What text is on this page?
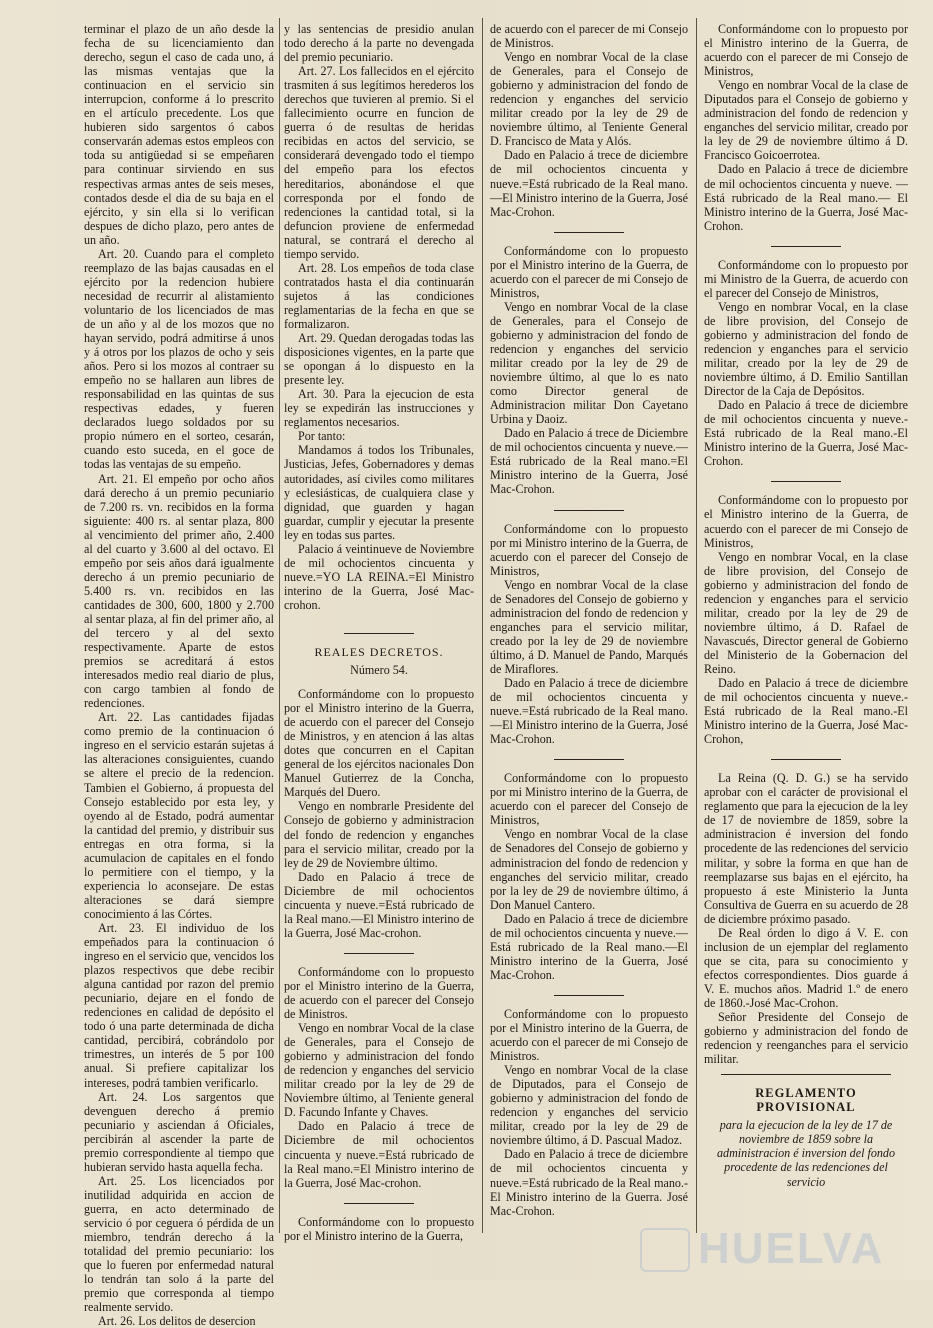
terminar el plazo de un año desde la fecha de su licenciamiento dan derecho, segun el caso de cada uno, á las mismas ventajas que la continuacion en el servicio sin interrupcion, conforme á lo prescrito en el artículo precedente. Los que hubieren sido sargentos ó cabos conservarán ademas estos empleos con toda su antigüedad si se empeñaren para continuar sirviendo en sus respectivas armas antes de seis meses, contados desde el dia de su baja en el ejército, y sin ella si lo verifican despues de dicho plazo, pero antes de un año.

Art. 20. Cuando para el completo reemplazo de las bajas causadas en el ejército por la redencion hubiere necesidad de recurrir al alistamiento voluntario de los licenciados de mas de un año y al de los mozos que no hayan servido, podrá admitirse á unos y á otros por los plazos de ocho y seis años. Pero si los mozos al contraer su empeño no se hallaren aun libres de responsabilidad en las quintas de sus respectivas edades, y fueren declarados luego soldados por su propio número en el sorteo, cesarán, cuando esto suceda, en el goce de todas las ventajas de su empeño.

Art. 21. El empeño por ocho años dará derecho á un premio pecuniario de 7.200 rs. vn. recibidos en la forma siguiente: 400 rs. al sentar plaza, 800 al vencimiento del primer año, 2.400 al del cuarto y 3.600 al del octavo. El empeño por seis años dará igualmente derecho á un premio pecuniario de 5.400 rs. vn. recibidos en las cantidades de 300, 600, 1800 y 2.700 al sentar plaza, al fin del primer año, al del tercero y al del sexto respectivamente. Aparte de estos premios se acreditará á estos interesados medio real diario de plus, con cargo tambien al fondo de redenciones.

Art. 22. Las cantidades fijadas como premio de la continuacion ó ingreso en el servicio estarán sujetas á las alteraciones consiguientes, cuando se altere el precio de la redencion. Tambien el Gobierno, á propuesta del Consejo establecido por esta ley, y oyendo al de Estado, podrá aumentar la cantidad del premio, y distribuir sus entregas en otra forma, si la acumulacion de capitales en el fondo lo permitiere con el tiempo, y la experiencia lo aconsejare. De estas alteraciones se dará siempre conocimiento á las Córtes.

Art. 23. El individuo de los empeñados para la continuacion ó ingreso en el servicio que, vencidos los plazos respectivos que debe recibir alguna cantidad por razon del premio pecuniario, dejare en el fondo de redenciones en calidad de depósito el todo ó una parte determinada de dicha cantidad, percibirá, cobrándolo por trimestres, un interés de 5 por 100 anual. Si prefiere capitalizar los intereses, podrá tambien verificarlo.

Art. 24. Los sargentos que devenguen derecho á premio pecuniario y asciendan á Oficiales, percibirán al ascender la parte de premio correspondiente al tiempo que hubieran servido hasta aquella fecha.

Art. 25. Los licenciados por inutilidad adquirida en accion de guerra, en acto determinado de servicio ó por ceguera ó pérdida de un miembro, tendrán derecho á la totalidad del premio pecuniario: los que lo fueren por enfermedad natural lo tendrán tan solo á la parte del premio que corresponda al tiempo realmente servido.

Art. 26. Los delitos de desercion

y las sentencias de presidio anulan todo derecho á la parte no devengada del premio pecuniario.

Art. 27. Los fallecidos en el ejército trasmiten á sus legítimos herederos los derechos que tuvieren al premio. Si el fallecimiento ocurre en funcion de guerra ó de resultas de heridas recibidas en actos del servicio, se considerará devengado todo el tiempo del empeño para los efectos hereditarios, abonándose el que corresponda por el fondo de redenciones la cantidad total, si la defuncion proviene de enfermedad natural, se contrará el derecho al tiempo servido.

Art. 28. Los empeños de toda clase contratados hasta el dia continuarán sujetos á las condiciones reglamentarias de la fecha en que se formalizaron.

Art. 29. Quedan derogadas todas las disposiciones vigentes, en la parte que se opongan á lo dispuesto en la presente ley.

Art. 30. Para la ejecucion de esta ley se expedirán las instrucciones y reglamentos necesarios.

Por tanto:

Mandamos á todos los Tribunales, Justicias, Jefes, Gobernadores y demas autoridades, así civiles como militares y eclesiásticas, de cualquiera clase y dignidad, que guarden y hagan guardar, cumplir y ejecutar la presente ley en todas sus partes.

Palacio á veintinueve de Noviembre de mil ochocientos cincuenta y nueve.=YO LA REINA.=El Ministro interino de la Guerra, José Mac-crohon.

REALES DECRETOS.
Número 54.

Conformándome con lo propuesto por el Ministro interino de la Guerra, de acuerdo con el parecer del Consejo de Ministros, y en atencion á las altas dotes que concurren en el Capitan general de los ejércitos nacionales Don Manuel Gutierrez de la Concha, Marqués del Duero.

Vengo en nombrarle Presidente del Consejo de gobierno y administracion del fondo de redencion y enganches para el servicio militar, creado por la ley de 29 de Noviembre último.

Dado en Palacio á trece de Diciembre de mil ochocientos cincuenta y nueve.=Está rubricado de la Real mano.—El Ministro interino de la Guerra, José Mac-crohon.

Conformándome con lo propuesto por el Ministro interino de la Guerra, de acuerdo con el parecer del Consejo de Ministros.

Vengo en nombrar Vocal de la clase de Generales, para el Consejo de gobierno y administracion del fondo de redencion y enganches del servicio militar creado por la ley de 29 de Noviembre último, al Teniente general D. Facundo Infante y Chaves.

Dado en Palacio á trece de Diciembre de mil ochocientos cincuenta y nueve.=Está rubricado de la Real mano.=El Ministro interino de la Guerra, José Mac-crohon.

Conformándome con lo propuesto por el Ministro interino de la Guerra,

de acuerdo con el parecer de mi Consejo de Ministros.

Vengo en nombrar Vocal de la clase de Generales, para el Consejo de gobierno y administracion del fondo de redencion y enganches del servicio militar creado por la ley de 29 de noviembre último, al Teniente General D. Francisco de Mata y Alós.

Dado en Palacio á trece de diciembre de mil ochocientos cincuenta y nueve.=Está rubricado de la Real mano.—El Ministro interino de la Guerra, José Mac-Crohon.

Conformándome con lo propuesto por el Ministro interino de la Guerra, de acuerdo con el parecer de mi Consejo de Ministros,

Vengo en nombrar Vocal de la clase de Generales, para el Consejo de gobierno y administracion del fondo de redencion y enganches del servicio militar creado por la ley de 29 de noviembre último, al que lo es nato como Director general de Administracion militar Don Cayetano Urbina y Daoiz.

Dado en Palacio á trece de Diciembre de mil ochocientos cincuenta y nueve.—Está rubricado de la Real mano.=El Ministro interino de la Guerra, José Mac-Crohon.

Conformándome con lo propuesto por mi Ministro interino de la Guerra, de acuerdo con el parecer del Consejo de Ministros,

Vengo en nombrar Vocal de la clase de Senadores del Consejo de gobierno y administracion del fondo de redencion y enganches para el servicio militar, creado por la ley de 29 de noviembre último, á D. Manuel de Pando, Marqués de Miraflores.

Dado en Palacio á trece de diciembre de mil ochocientos cincuenta y nueve.=Está rubricado de la Real mano.—El Ministro interino de la Guerra, José Mac-Crohon.

Conformándome con lo propuesto por mi Ministro interino de la Guerra, de acuerdo con el parecer del Consejo de Ministros,

Vengo en nombrar Vocal de la clase de Senadores del Consejo de gobierno y administracion del fondo de redencion y enganches del servicio militar, creado por la ley de 29 de noviembre último, á Don Manuel Cantero.

Dado en Palacio á trece de diciembre de mil ochocientos cincuenta y nueve.—Está rubricado de la Real mano.—El Ministro interino de la Guerra, José Mac-Crohon.

Conformándome con lo propuesto por el Ministro interino de la Guerra, de acuerdo con el parecer de mi Consejo de Ministros.

Vengo en nombrar Vocal de la clase de Diputados, para el Consejo de gobierno y administracion del fondo de redencion y enganches del servicio militar, creado por la ley de 29 de noviembre último, á D. Pascual Madoz.

Dado en Palacio á trece de diciembre de mil ochocientos cincuenta y nueve.=Está rubricado de la Real mano.-El Ministro interino de la Guerra. José Mac-Crohon.

Conformándome con lo propuesto por el Ministro interino de la Guerra, de acuerdo con el parecer de mi Consejo de Ministros,

Vengo en nombrar Vocal de la clase de Diputados para el Consejo de gobierno y administracion del fondo de redencion y enganches del servicio militar, creado por la ley de 29 de noviembre último á D. Francisco Goicoerrotea.

Dado en Palacio á trece de diciembre de mil ochocientos cincuenta y nueve. —Está rubricado de la Real mano.— El Ministro interino de la Guerra, José Mac-Crohon.

Conformándome con lo propuesto por mi Ministro de la Guerra, de acuerdo con el parecer del Consejo de Ministros,

Vengo en nombrar Vocal, en la clase de libre provision, del Consejo de gobierno y administracion del fondo de redencion y enganches para el servicio militar, creado por la ley de 29 de noviembre último, á D. Emilio Santillan Director de la Caja de Depósitos.

Dado en Palacio á trece de diciembre de mil ochocientos cincuenta y nueve.-Está rubricado de la Real mano.-El Ministro interino de la Guerra, José Mac-Crohon.

Conformándome con lo propuesto por el Ministro interino de la Guerra, de acuerdo con el parecer de mi Consejo de Ministros,

Vengo en nombrar Vocal, en la clase de libre provision, del Consejo de gobierno y administracion del fondo de redencion y enganches para el servicio militar, creado por la ley de 29 de noviembre último, á D. Rafael de Navascués, Director general de Gobierno del Ministerio de la Gobernacion del Reino.

Dado en Palacio á trece de diciembre de mil ochocientos cincuenta y nueve.-Está rubricado de la Real mano.-El Ministro interino de la Guerra, José Mac-Crohon,

La Reina (Q. D. G.) se ha servido aprobar con el carácter de provisional el reglamento que para la ejecucion de la ley de 17 de noviembre de 1859, sobre la administracion é inversion del fondo procedente de las redenciones del servicio militar, y sobre la forma en que han de reemplazarse sus bajas en el ejército, ha propuesto á este Ministerio la Junta Consultiva de Guerra en su acuerdo de 28 de diciembre próximo pasado.

De Real órden lo digo á V. E. con inclusion de un ejemplar del reglamento que se cita, para su conocimiento y efectos correspondientes. Dios guarde á V. E. muchos años. Madrid 1.º de enero de 1860.-José Mac-Crohon.

Señor Presidente del Consejo de gobierno y administracion del fondo de redencion y reenganches para el servicio militar.

REGLAMENTO PROVISIONAL

para la ejecucion de la ley de 17 de noviembre de 1859 sobre la administracion é inversion del fondo procedente de las redenciones del servicio

HUELVA
